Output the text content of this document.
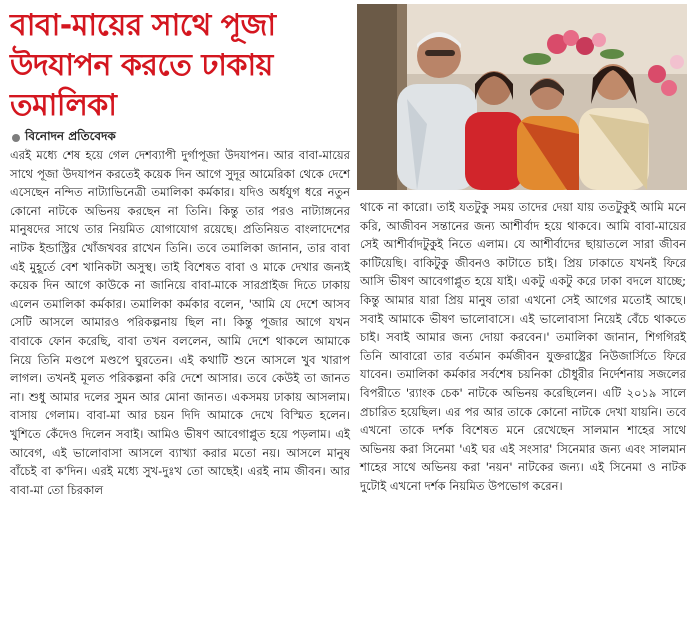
বাবা-মায়ের সাথে পূজা উদযাপন করতে ঢাকায় তমালিকা
বিনোদন প্রতিবেদক
এরই মধ্যে শেষ হয়ে গেল দেশব্যাপী দুর্গাপূজা উদযাপন। আর বাবা-মায়ের সাথে পূজা উদযাপন করতেই কয়েক দিন আগে সুদূর আমেরিকা থেকে দেশে এসেছেন নন্দিত নাট্যাভিনেত্রী তমালিকা কর্মকার। যদিও অর্ধযুগ ধরে নতুন কোনো নাটকে অভিনয় করছেন না তিনি। কিন্তু তার পরও নাট্যাঙ্গনের মানুষদের সাথে তার নিয়মিত যোগাযোগ রয়েছে। প্রতিনিয়ত বাংলাদেশের নাটক ইন্ডাস্ট্রির খোঁজখবর রাখেন তিনি। তবে তমালিকা জানান, তার বাবা এই মুহূর্তে বেশ খানিকটা অসুস্থ। তাই বিশেষত বাবা ও মাকে দেখার জন্যই কয়েক দিন আগে কাউকে না জানিয়ে বাবা-মাকে সারপ্রাইজ দিতে ঢাকায় এলেন তমালিকা কর্মকার। তমালিকা কর্মকার বলেন, 'আমি যে দেশে আসব সেটি আসলে আমারও পরিকল্পনায় ছিল না। কিন্তু পূজার আগে যখন বাবাকে ফোন করেছি, বাবা তখন বললেন, আমি দেশে থাকলে আমাকে নিয়ে তিনি মণ্ডপে মণ্ডপে ঘুরতেন। এই কথাটি শুনে আসলে খুব খারাপ লাগল। তখনই মূলত পরিকল্পনা করি দেশে আসার। তবে কেউই তা জানত না। শুধু আমার দলের সুমন আর মোনা জানত। একসময় ঢাকায় আসলাম। বাসায় গেলাম। বাবা-মা আর চয়ন দিদি আমাকে দেখে বিস্মিত হলেন। খুশিতে কেঁদেও দিলেন সবাই। আমিও ভীষণ আবেগাপ্লুত হয়ে পড়লাম। এই আবেগ, এই ভালোবাসা আসলে ব্যাখ্যা করার মতো নয়। আসলে মানুষ বাঁচেই বা ক'দিন। এরই মধ্যে সুখ-দুঃখ তো আছেই। এরই নাম জীবন। আর বাবা-মা তো চিরকাল
থাকে না কারো। তাই যতটুকু সময় তাদের দেয়া যায় ততটুকুই আমি মনে করি, আজীবন সন্তানের জন্য আশীর্বাদ হয়ে থাকবে। আমি বাবা-মায়ের সেই আশীর্বাদটুকুই নিতে এলাম। যে আশীর্বাদের ছায়াতলে সারা জীবন কাটিয়েছি। বাকিটুকু জীবনও কাটাতে চাই। প্রিয় ঢাকাতে যখনই ফিরে আসি ভীষণ আবেগাপ্লুত হয়ে যাই। একটু একটু করে ঢাকা বদলে যাচ্ছে; কিন্তু আমার যারা প্রিয় মানুষ তারা এখনো সেই আগের মতোই আছে। সবাই আমাকে ভীষণ ভালোবাসে। এই ভালোবাসা নিয়েই বেঁচে থাকতে চাই। সবাই আমার জন্য দোয়া করবেন।' তমালিকা জানান, শিগগিরই তিনি আবারো তার বর্তমান কর্মজীবন যুক্তরাষ্ট্রের নিউজার্সিতে ফিরে যাবেন। তমালিকা কর্মকার সর্বশেষ চয়নিকা চৌধুরীর নির্দেশনায় সজলের বিপরীতে 'র‍্যাংক চেক' নাটকে অভিনয় করেছিলেন। এটি ২০১৯ সালে প্রচারিত হয়েছিল। এর পর আর তাকে কোনো নাটকে দেখা যায়নি। তবে এখনো তাকে দর্শক বিশেষত মনে রেখেছেন সালমান শাহের সাথে অভিনয় করা সিনেমা 'এই ঘর এই সংসার' সিনেমার জন্য এবং সালমান শাহের সাথে অভিনয় করা 'নয়ন' নাটকের জন্য। এই সিনেমা ও নাটক দুটোই এখনো দর্শক নিয়মিত উপভোগ করেন।
